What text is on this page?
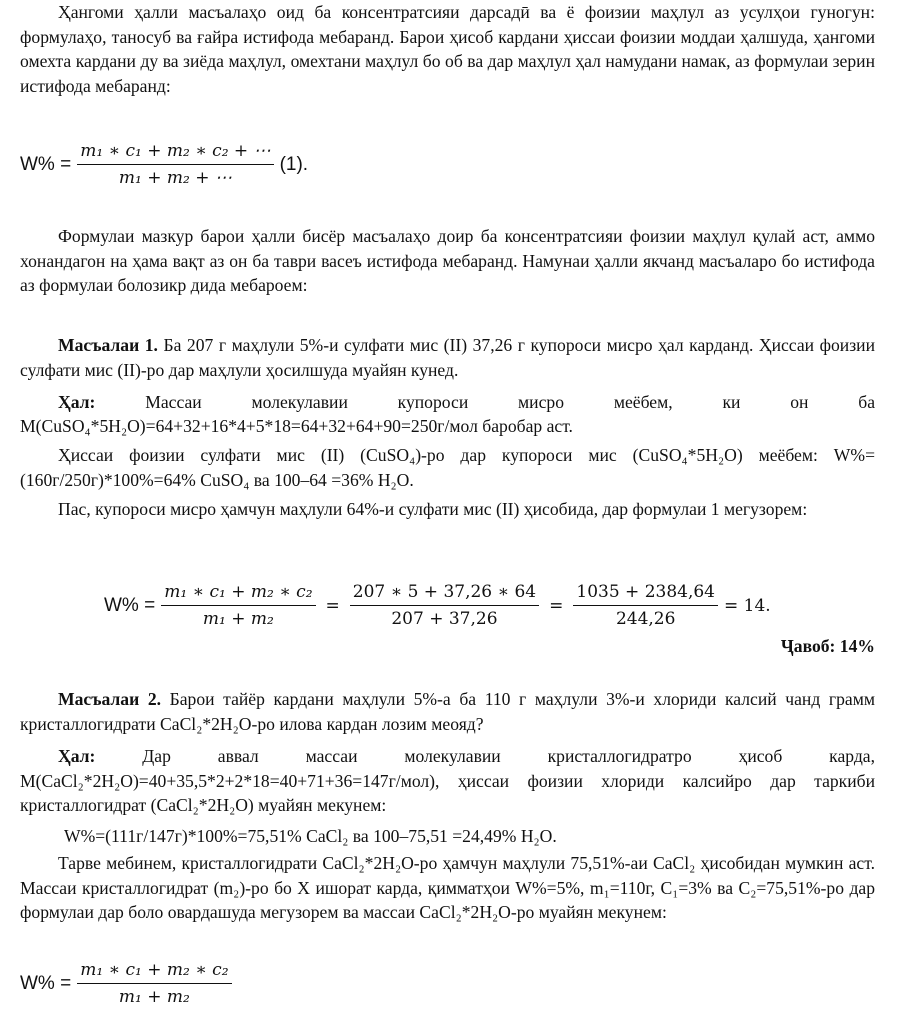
Ҳангоми ҳалли масъалаҳо оид ба консентратсияи дарсадӣ ва ё фоизии маҳлул аз усулҳои гуногун: формулаҳо, таносуб ва ғайра истифода мебаранд. Барои ҳисоб кардани ҳиссаи фоизии моддаи ҳалшуда, ҳангоми омехта кардани ду ва зиёда маҳлул, омехтани маҳлул бо об ва дар маҳлул ҳал намудани намак, аз формулаи зерин истифода мебаранд:

$W\% = \frac{\text{m₁ ∗ c₁ + m₂ ∗ c₂ + ⋯}}{\text{m₁ + m₂ + ⋯}} (1)$.

Формулаи мазкур барои ҳалли бисёр масъалаҳо доир ба консентратсияи фоизии маҳлул қулай аст, аммо хонандагон на ҳама вақт аз он ба таври васеъ истифода мебаранд. Намунаи ҳалли якчанд масъаларо бо истифода аз формулаи болозикр дида мебароем:

Масъалаи 1. Ба 207 г маҳлули 5%-и сулфати мис (II) 37,26 г купороси мисро ҳал карданд. Ҳиссаи фоизии сулфати мис (II)-ро дар маҳлули ҳосилшуда муайян кунед.

Ҳал: Массаи молекулавии купороси мисро меёбем, ки он ба

M(CuSO₄*5H₂O)=64+32+16*4+5*18=64+32+64+90=250г/мол баробар аст.

Ҳиссаи фоизии сулфати мис (II) (CuSO₄)-ро дар купороси мис (CuSO₄*5H₂O) меёбем: W%=(160г/250г)*100%=64% CuSO₄ ва 100–64 =36% H₂O.

Пас, купороси мисро ҳамчун маҳлули 64%-и сулфати мис (II) ҳисобида, дар формулаи 1 мегузорем:

$W\% = \frac{\text{m₁ ∗ c₁ + m₂ ∗ c₂}}{\text{m₁ + m₂}} = \frac{207 ∗ 5 + 37,26 ∗ 64}{207 + 37,26} = \frac{1035 + 2384,64}{244,26} = 14$.
Ҷавоб: 14%

Масъалаи 2. Барои тайёр кардани маҳлули 5%-а ба 110 г маҳлули 3%-и хлориди калсий чанд грамм кристаллогидрати CaCl₂*2H₂O-ро илова кардан лозим меояд?

Ҳал: Дар аввал массаи молекулавии кристаллогидратро ҳисоб карда, M(CaCl₂*2H₂O)=40+35,5*2+2*18=40+71+36=147г/мол), ҳиссаи фоизии хлориди калсийро дар таркиби кристаллогидрат (CaCl₂*2H₂O) муайян мекунем:

W%=(111г/147г)*100%=75,51% CaCl₂ ва 100–75,51 =24,49% H₂O.

Тарве мебинем, кристаллогидрати CaCl₂*2H₂O-ро ҳамчун маҳлули 75,51%-аи CaCl₂ ҳисобидан мумкин аст. Массаи кристаллогидрат (m₂)-ро бо X ишорат карда, қимматҳои W%=5%, m₁=110г, C₁=3% ва C₂=75,51%-ро дар формулаи дар боло овардашуда мегузорем ва массаи CaCl₂*2H₂O-ро муайян мекунем:

$W\% = \frac{\text{m₁ ∗ c₁ + m₂ ∗ c₂}}{\text{m₁ + m₂}}$
